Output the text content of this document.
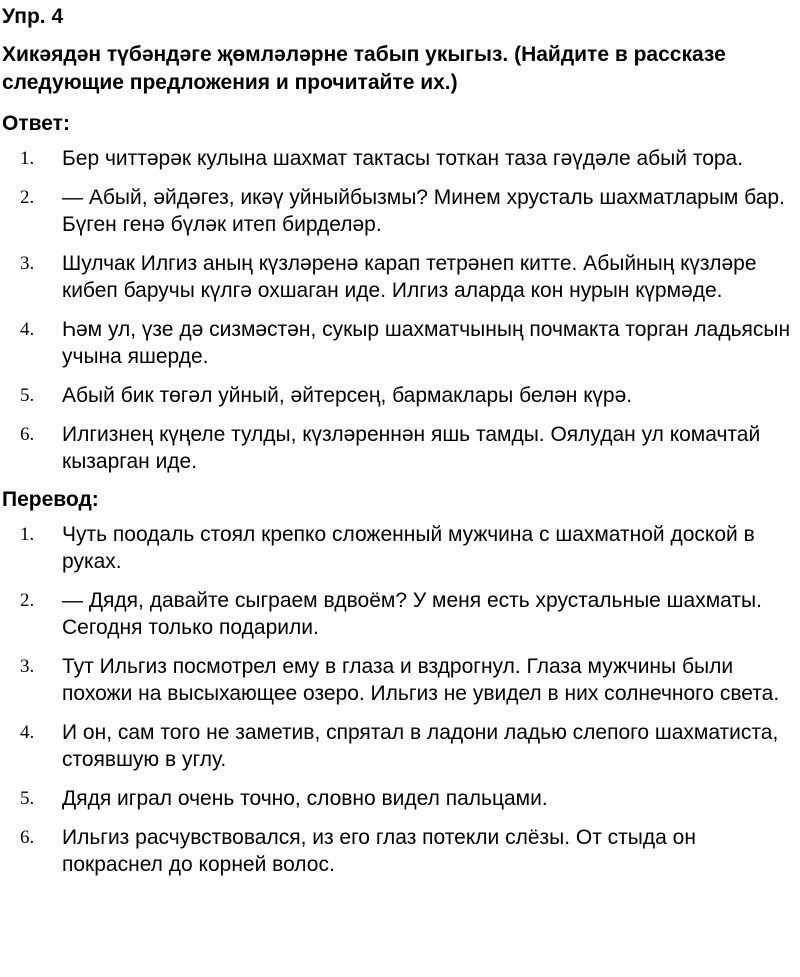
Упр. 4
Хикәядән түбәндәге җөмләләрне табып укыгыз. (Найдите в рассказе следующие предложения и прочитайте их.)
Ответ:
1.	Бер читтәрәк кулына шахмат тактасы тоткан таза гәүдәле абый тора.
2.	— Абый, әйдәгез, икәү уйныйбызмы? Минем хрусталь шахматларым бар. Бүген генә бүләк итеп бирделәр.
3.	Шулчак Илгиз аның күзләренә карап тетрәнеп китте. Абыйның күзләре кибеп баручы күлгә охшаган иде. Илгиз аларда кон нурын күрмәде.
4.	Һәм ул, үзе дә сизмәстән, сукыр шахматчының почмакта торган ладьясын учына яшерде.
5.	Абый бик төгәл уйный, әйтерсең, бармаклары белән күрә.
6.	Илгизнең күңеле тулды, күзләреннән яшь тамды. Оялудан ул комачтай кызарган иде.
Перевод:
1.	Чуть поодаль стоял крепко сложенный мужчина с шахматной доской в руках.
2.	— Дядя, давайте сыграем вдвоём? У меня есть хрустальные шахматы. Сегодня только подарили.
3.	Тут Ильгиз посмотрел ему в глаза и вздрогнул. Глаза мужчины были похожи на высыхающее озеро. Ильгиз не увидел в них солнечного света.
4.	И он, сам того не заметив, спрятал в ладони ладью слепого шахматиста, стоявшую в углу.
5.	Дядя играл очень точно, словно видел пальцами.
6.	Ильгиз расчувствовался, из его глаз потекли слёзы. От стыда он покраснел до корней волос.
